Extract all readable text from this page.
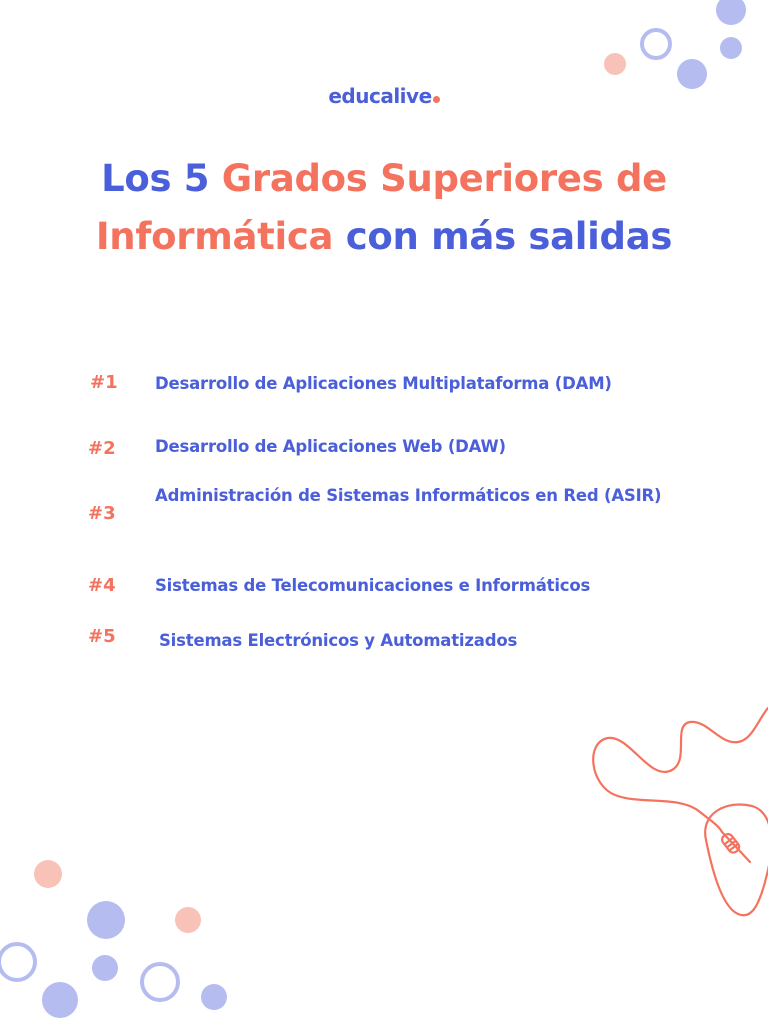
educalive
Los 5 Grados Superiores de
Informática con más salidas
#1 Desarrollo de Aplicaciones Multiplataforma (DAM)
#2 Desarrollo de Aplicaciones Web (DAW)
#3
Administración de Sistemas Informáticos en Red (ASIR)
#4 Sistemas de Telecomunicaciones e Informáticos
#5	Sistemas Electrónicos y Automatizados
